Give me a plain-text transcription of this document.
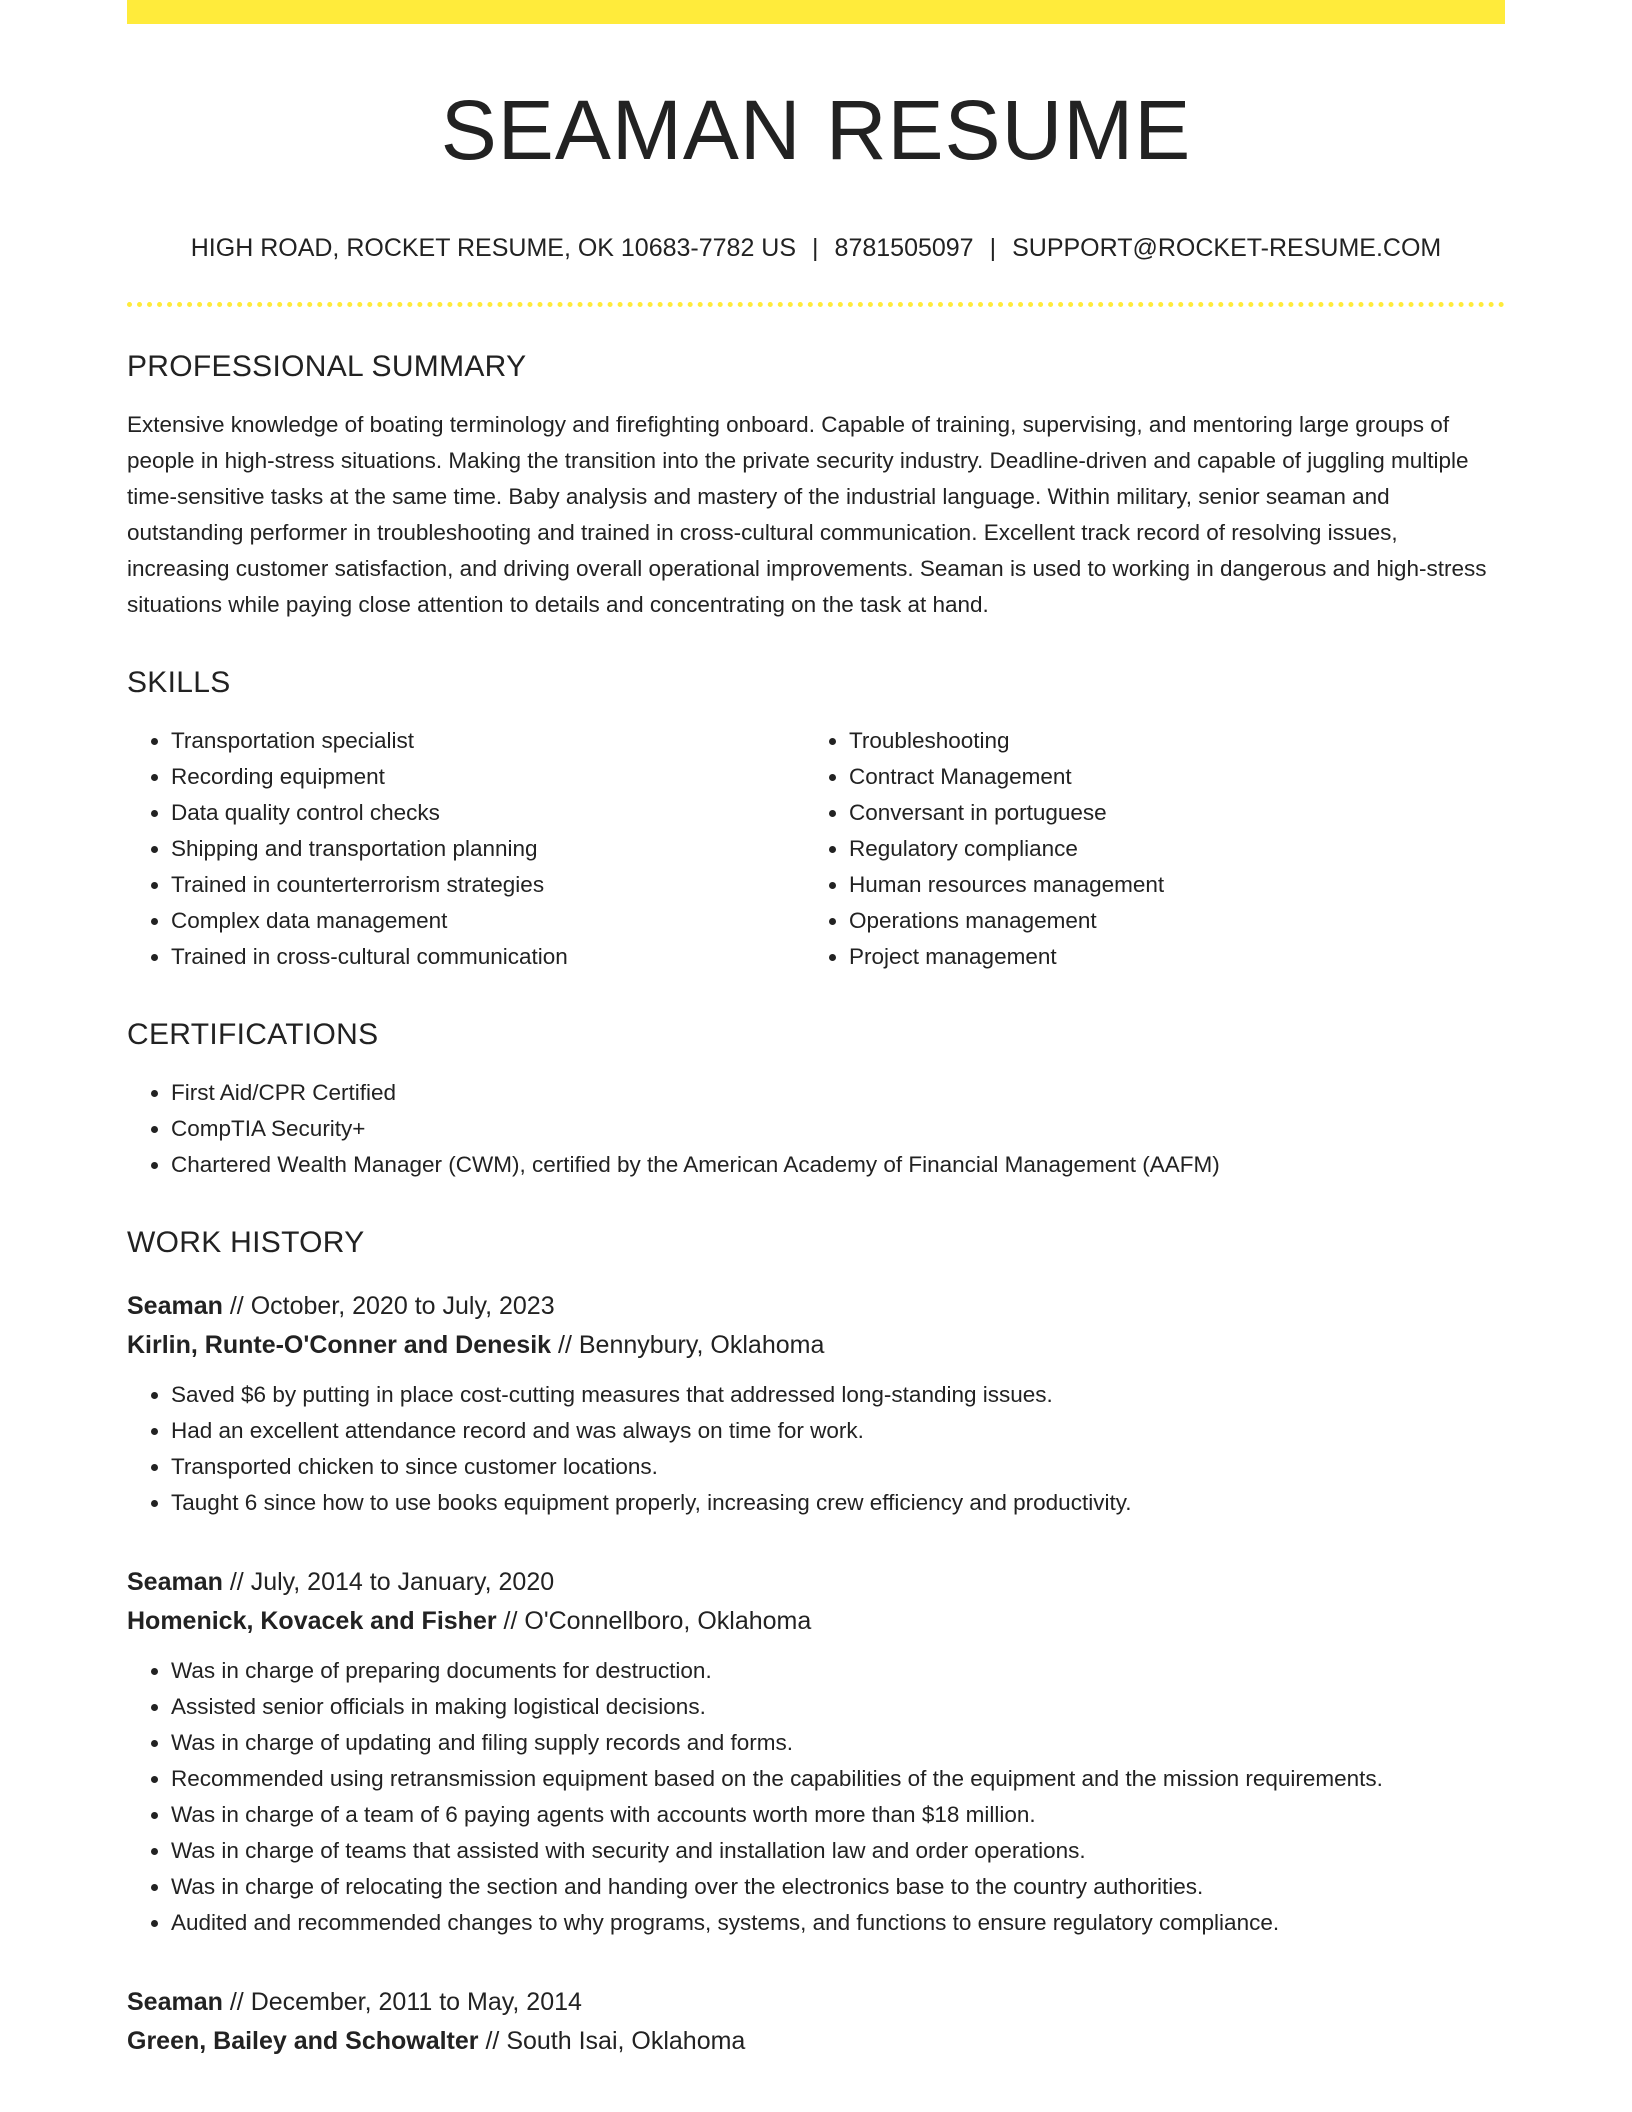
SEAMAN RESUME
HIGH ROAD, ROCKET RESUME, OK 10683-7782 US | 8781505097 | SUPPORT@ROCKET-RESUME.COM
PROFESSIONAL SUMMARY

Extensive knowledge of boating terminology and firefighting onboard. Capable of training, supervising, and mentoring large groups of people in high-stress situations. Making the transition into the private security industry. Deadline-driven and capable of juggling multiple time-sensitive tasks at the same time. Baby analysis and mastery of the industrial language. Within military, senior seaman and outstanding performer in troubleshooting and trained in cross-cultural communication. Excellent track record of resolving issues, increasing customer satisfaction, and driving overall operational improvements. Seaman is used to working in dangerous and high-stress situations while paying close attention to details and concentrating on the task at hand.

SKILLS
• Transportation specialist
• Recording equipment
• Data quality control checks
• Shipping and transportation planning
• Trained in counterterrorism strategies
• Complex data management
• Trained in cross-cultural communication
• Troubleshooting
• Contract Management
• Conversant in portuguese
• Regulatory compliance
• Human resources management
• Operations management
• Project management
CERTIFICATIONS
• First Aid/CPR Certified
• CompTIA Security+
• Chartered Wealth Manager (CWM), certified by the American Academy of Financial Management (AAFM)
WORK HISTORY
Seaman // October, 2020 to July, 2023
Kirlin, Runte-O'Conner and Denesik // Bennybury, Oklahoma
• Saved $6 by putting in place cost-cutting measures that addressed long-standing issues.
• Had an excellent attendance record and was always on time for work.
• Transported chicken to since customer locations.
• Taught 6 since how to use books equipment properly, increasing crew efficiency and productivity.
Seaman // July, 2014 to January, 2020
Homenick, Kovacek and Fisher // O'Connellboro, Oklahoma
• Was in charge of preparing documents for destruction.
• Assisted senior officials in making logistical decisions.
• Was in charge of updating and filing supply records and forms.
• Recommended using retransmission equipment based on the capabilities of the equipment and the mission requirements.
• Was in charge of a team of 6 paying agents with accounts worth more than $18 million.
• Was in charge of teams that assisted with security and installation law and order operations.
• Was in charge of relocating the section and handing over the electronics base to the country authorities.
• Audited and recommended changes to why programs, systems, and functions to ensure regulatory compliance.
Seaman // December, 2011 to May, 2014
Green, Bailey and Schowalter // South Isai, Oklahoma
